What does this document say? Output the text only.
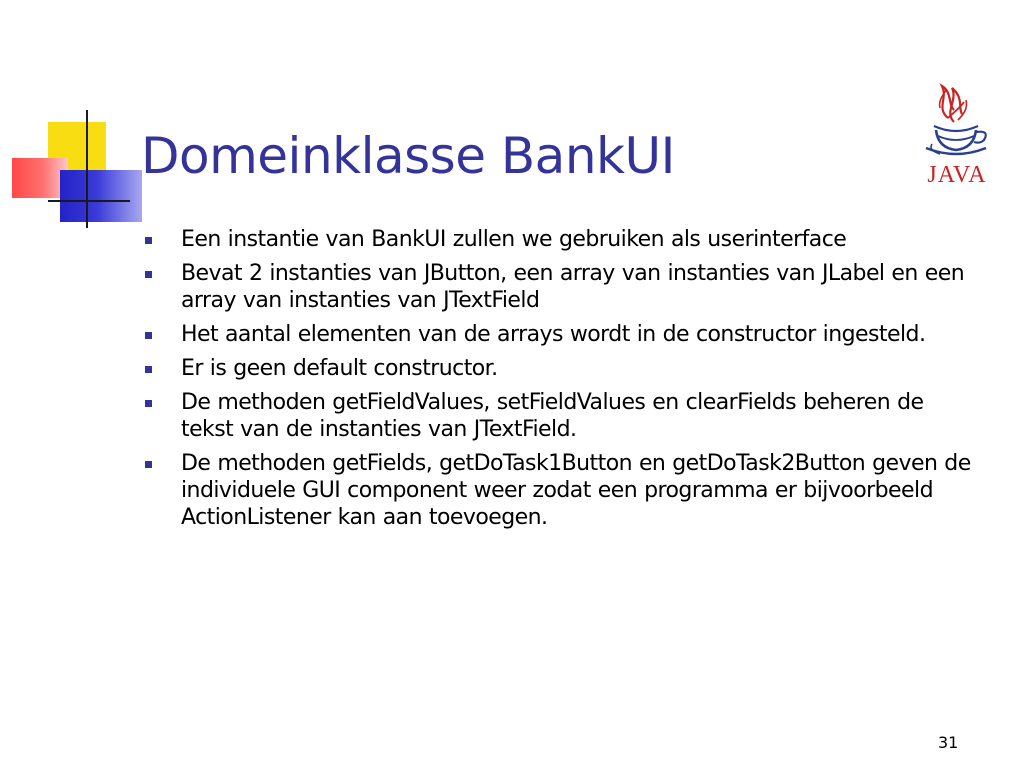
JAVA
Domeinklasse BankUI
Een instantie van BankUI zullen we gebruiken als userinterface
Bevat 2 instanties van JButton, een array van instanties van JLabel en een array van instanties van JTextField
Het aantal elementen van de arrays wordt in de constructor ingesteld.
Er is geen default constructor.
De methoden getFieldValues, setFieldValues en clearFields beheren de tekst van de instanties van JTextField.
De methoden getFields, getDoTask1Button en getDoTask2Button geven de individuele GUI component weer zodat een programma er bijvoorbeeld ActionListener kan aan toevoegen.
31
